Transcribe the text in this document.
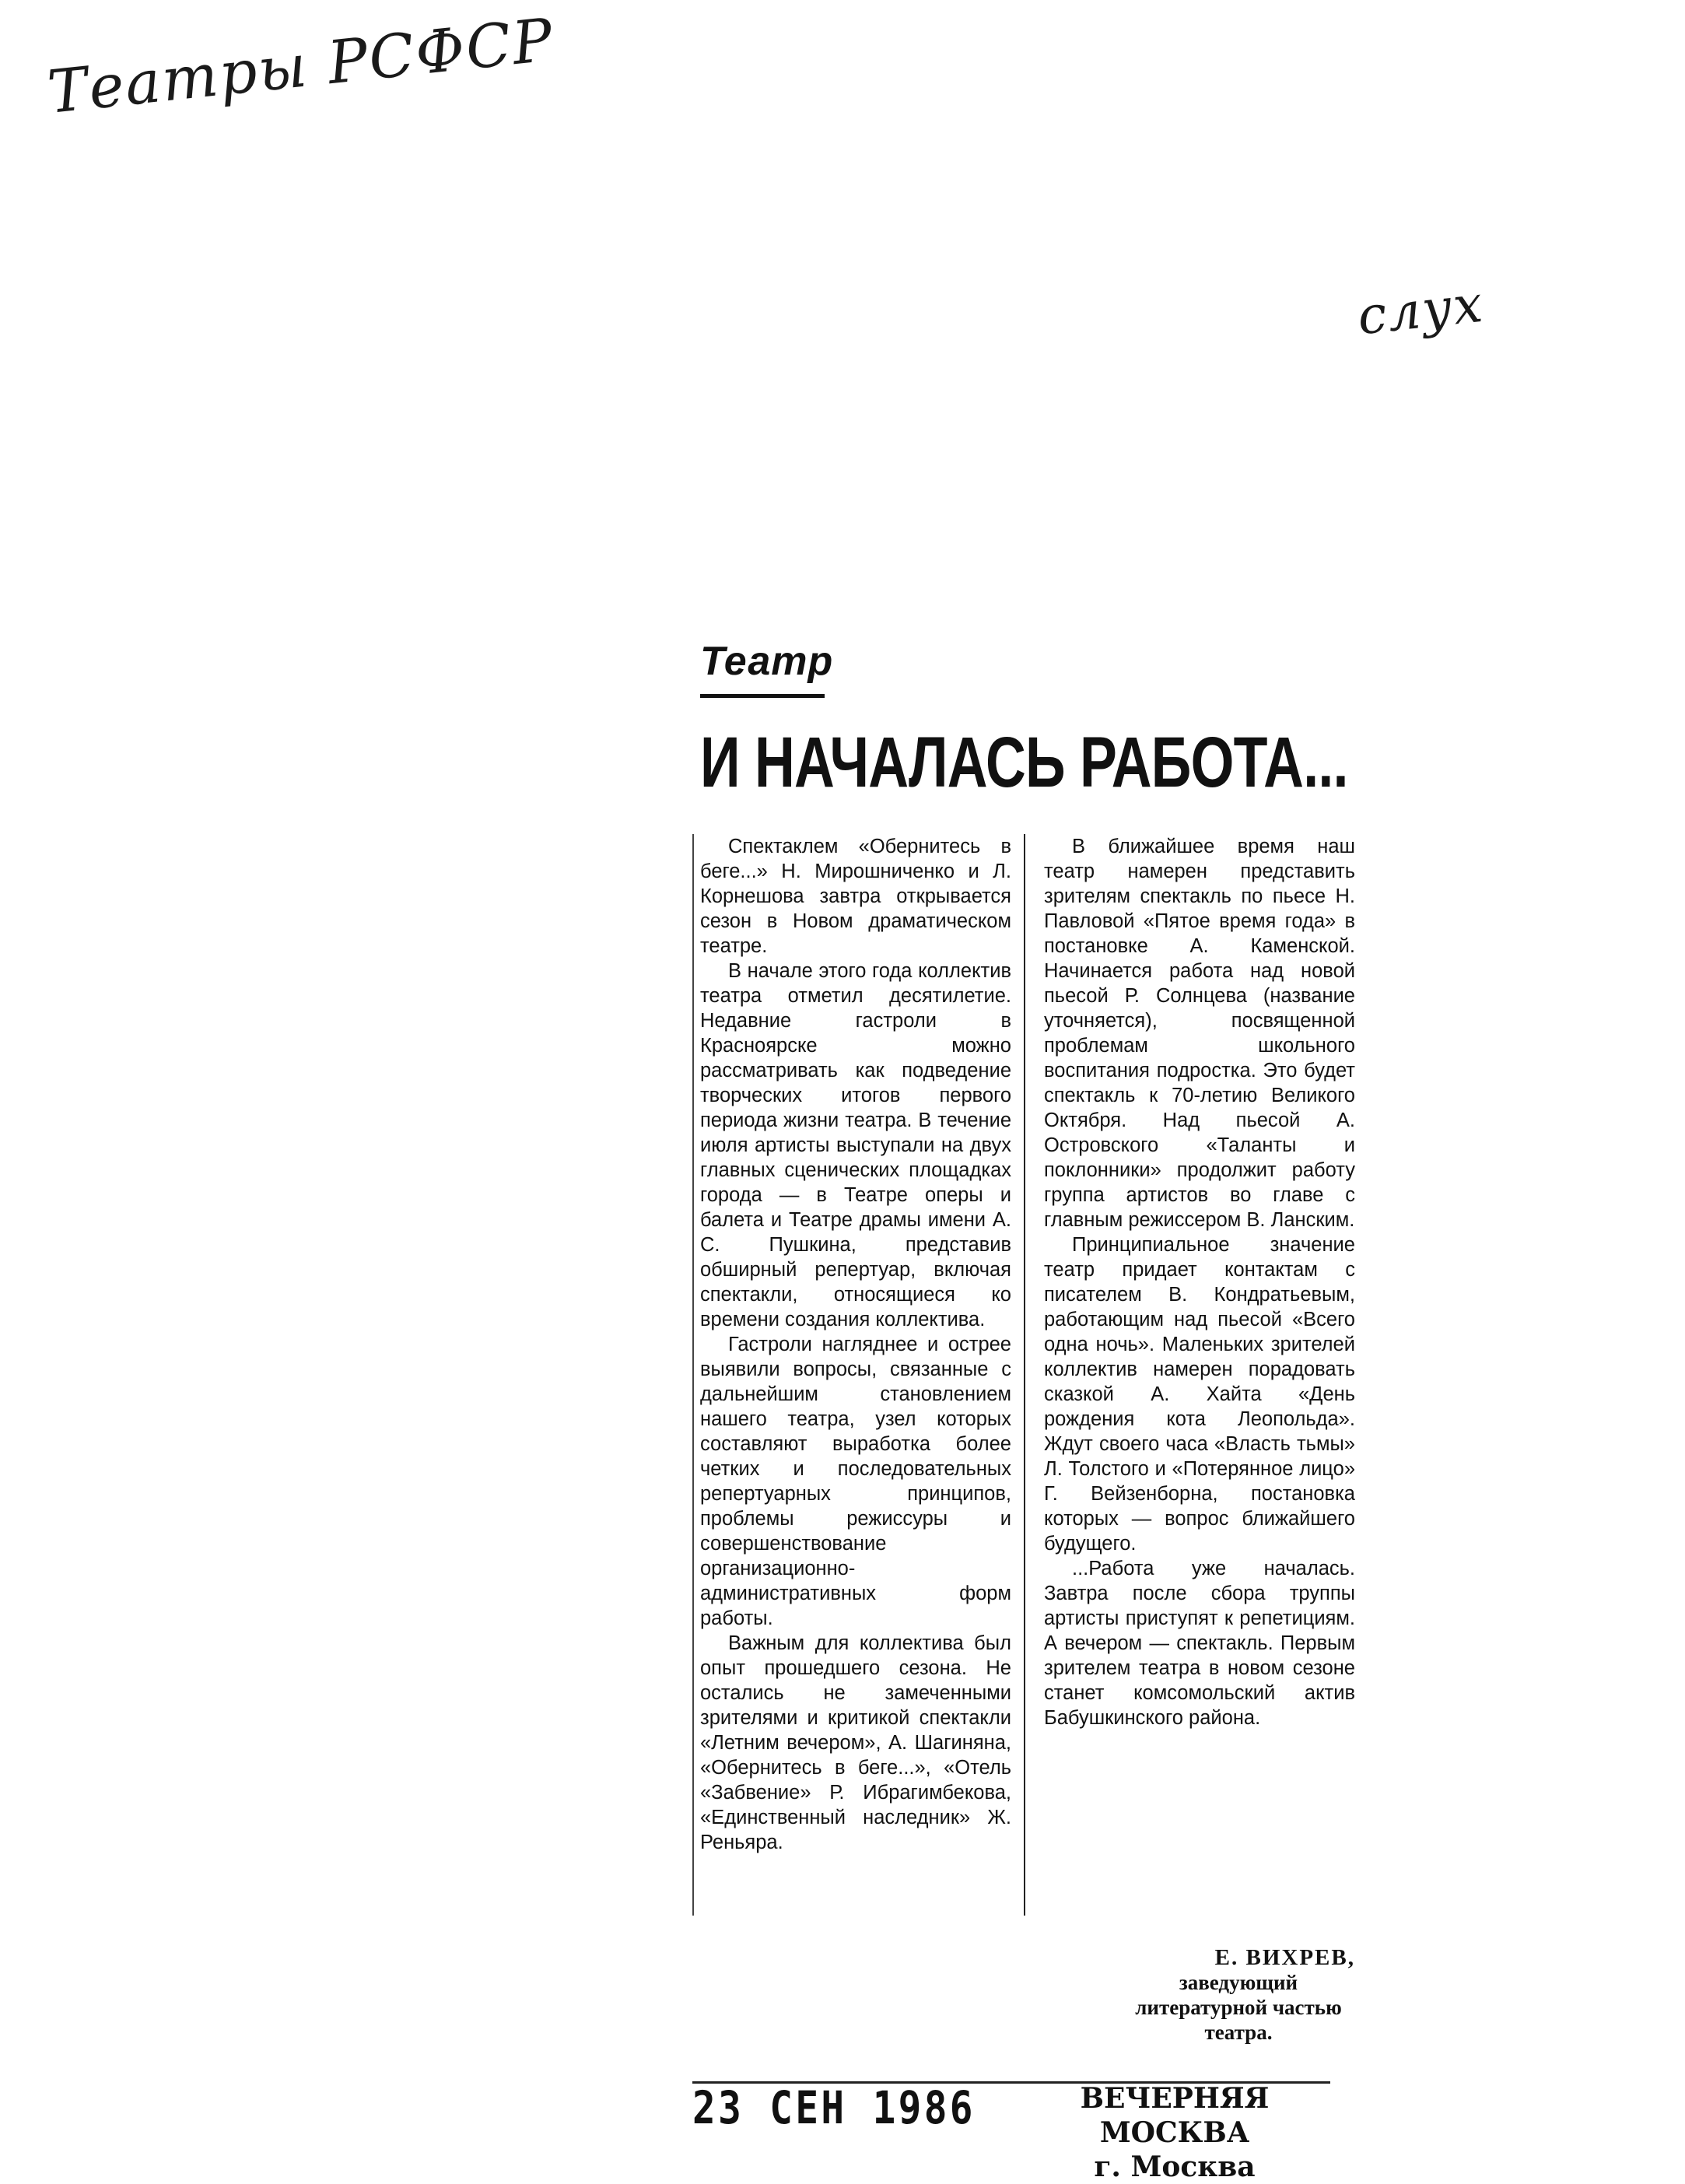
Театры РСФСР
слух
Театр
И НАЧАЛАСЬ РАБОТА...

Спектаклем «Обернитесь в беге...» Н. Мирошниченко и Л. Корнешова завтра открывается сезон в Новом драматическом театре.

В начале этого года коллектив театра отметил десятилетие. Недавние гастроли в Красноярске можно рассматривать как подведение творческих итогов первого периода жизни театра. В течение июля артисты выступали на двух главных сценических площадках города — в Театре оперы и балета и Театре драмы имени А. С. Пушкина, представив обширный репертуар, включая спектакли, относящиеся ко времени создания коллектива.

Гастроли нагляднее и острее выявили вопросы, связанные с дальнейшим становлением нашего театра, узел которых составляют выработка более четких и последовательных репертуарных принципов, проблемы режиссуры и совершенствование организационно-административных форм работы.

Важным для коллектива был опыт прошедшего сезона. Не остались не замеченными зрителями и критикой спектакли «Летним вечером», А. Шагиняна, «Обернитесь в беге...», «Отель «Забвение» Р. Ибрагимбекова, «Единственный наследник» Ж. Реньяра.

В ближайшее время наш театр намерен представить зрителям спектакль по пьесе Н. Павловой «Пятое время года» в постановке А. Каменской. Начинается работа над новой пьесой Р. Солнцева (название уточняется), посвященной проблемам школьного воспитания подростка. Это будет спектакль к 70-летию Великого Октября. Над пьесой А. Островского «Таланты и поклонники» продолжит работу группа артистов во главе с главным режиссером В. Ланским.

Принципиальное значение театр придает контактам с писателем В. Кондратьевым, работающим над пьесой «Всего одна ночь». Маленьких зрителей коллектив намерен порадовать сказкой А. Хайта «День рождения кота Леопольда». Ждут своего часа «Власть тьмы» Л. Толстого и «Потерянное лицо» Г. Вейзенборна, постановка которых — вопрос ближайшего будущего.

...Работа уже началась. Завтра после сбора труппы артисты приступят к репетициям. А вечером — спектакль. Первым зрителем театра в новом сезоне станет комсомольский актив Бабушкинского района.

Е. ВИХРЕВ,
заведующий литературной частью театра.
23 СЕН 1986	ВЕЧЕРНЯЯ МОСКВА
г. Москва
